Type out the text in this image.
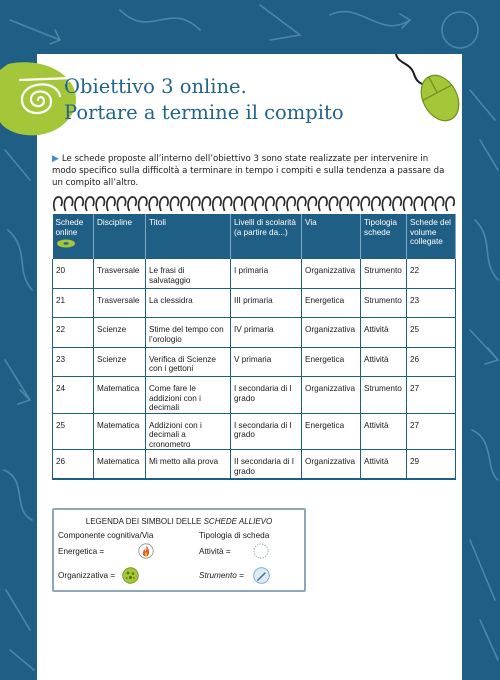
Obiettivo 3 online.
Portare a termine il compito
▶ Le schede proposte all’interno dell’obiettivo 3 sono state realizzate per intervenire in modo specifico sulla difficoltà a terminare in tempo i compiti e sulla tendenza a passare da un compito all’altro.
Schede online	Discipline	Titoli	Livelli di scolarità (a partire da...)	Via	Tipologia schede	Schede del volume collegate
20	Trasversale	Le frasi di salvataggio	I primaria	Organizzativa	Strumento	22
21	Trasversale	La clessidra	III primaria	Energetica	Strumento	23
22	Scienze	Stime del tempo con l’orologio	IV primaria	Organizzativa	Attività	25
23	Scienze	Verifica di Scienze con i gettoni	V primaria	Energetica	Attività	26
24	Matematica	Come fare le addizioni con i decimali	I secondaria di I grado	Organizzativa	Strumento	27
25	Matematica	Addizioni con i decimali a cronometro	I secondaria di I grado	Energetica	Attività	27
26	Matematica	Mi metto alla prova	II secondaria di I grado	Organizzativa	Attività	29
LEGENDA DEI SIMBOLI DELLE SCHEDE ALLIEVO
Componente cognitiva/Via	Tipologia di scheda
Energetica =	Attività =
Organizzativa =	Strumento =
